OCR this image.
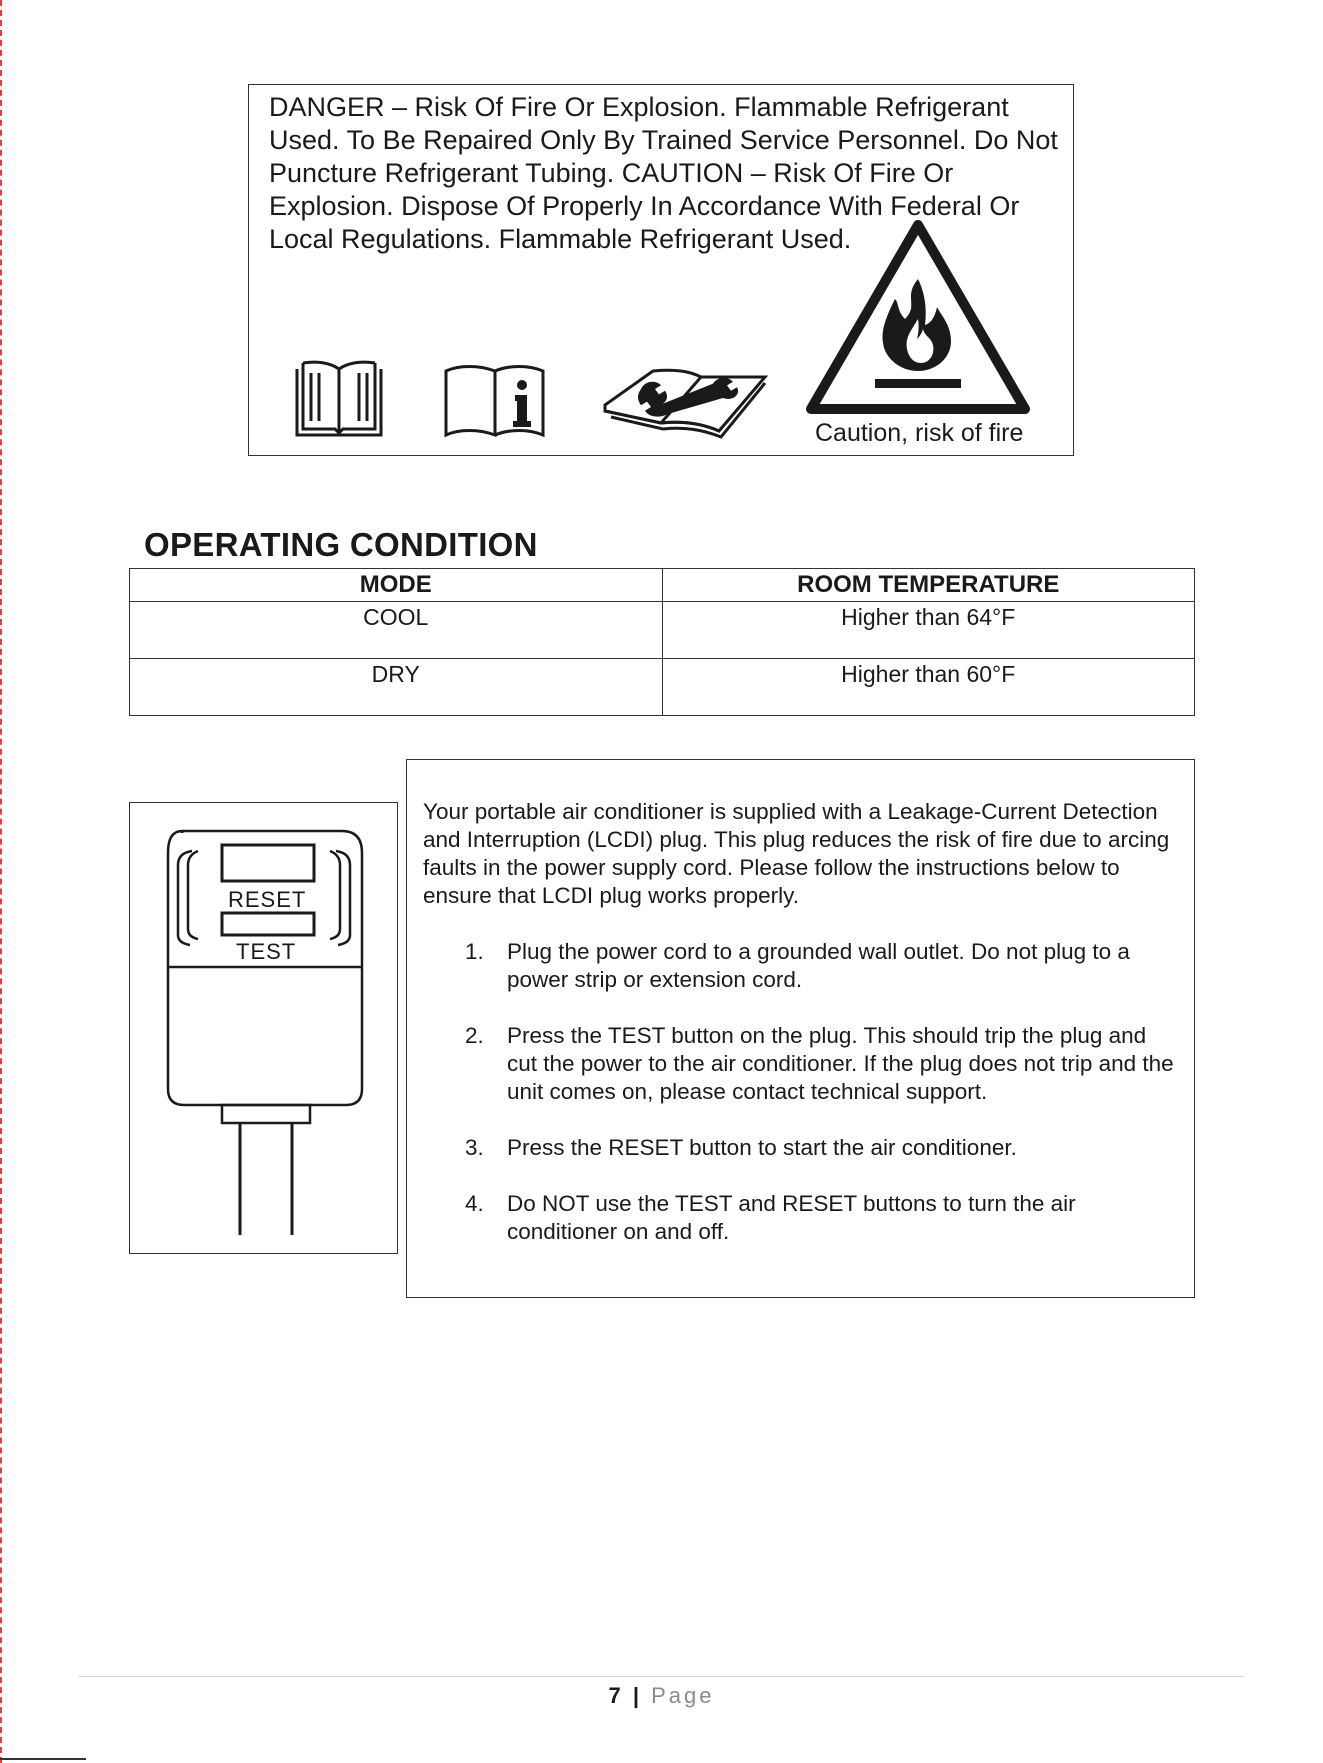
DANGER – Risk Of Fire Or Explosion. Flammable Refrigerant Used. To Be Repaired Only By Trained Service Personnel. Do Not Puncture Refrigerant Tubing. CAUTION – Risk Of Fire Or Explosion. Dispose Of Properly In Accordance With Federal Or Local Regulations. Flammable Refrigerant Used.
Caution, risk of fire
OPERATING CONDITION
MODE	ROOM TEMPERATURE
COOL	Higher than 64°F
DRY	Higher than 60°F
RESET
TEST

Your portable air conditioner is supplied with a Leakage-Current Detection and Interruption (LCDI) plug. This plug reduces the risk of fire due to arcing faults in the power supply cord. Please follow the instructions below to ensure that LCDI plug works properly.

1. Plug the power cord to a grounded wall outlet. Do not plug to a power strip or extension cord.
2. Press the TEST button on the plug. This should trip the plug and cut the power to the air conditioner. If the plug does not trip and the unit comes on, please contact technical support.
3. Press the RESET button to start the air conditioner.
4. Do NOT use the TEST and RESET buttons to turn the air conditioner on and off.
7 | Page
